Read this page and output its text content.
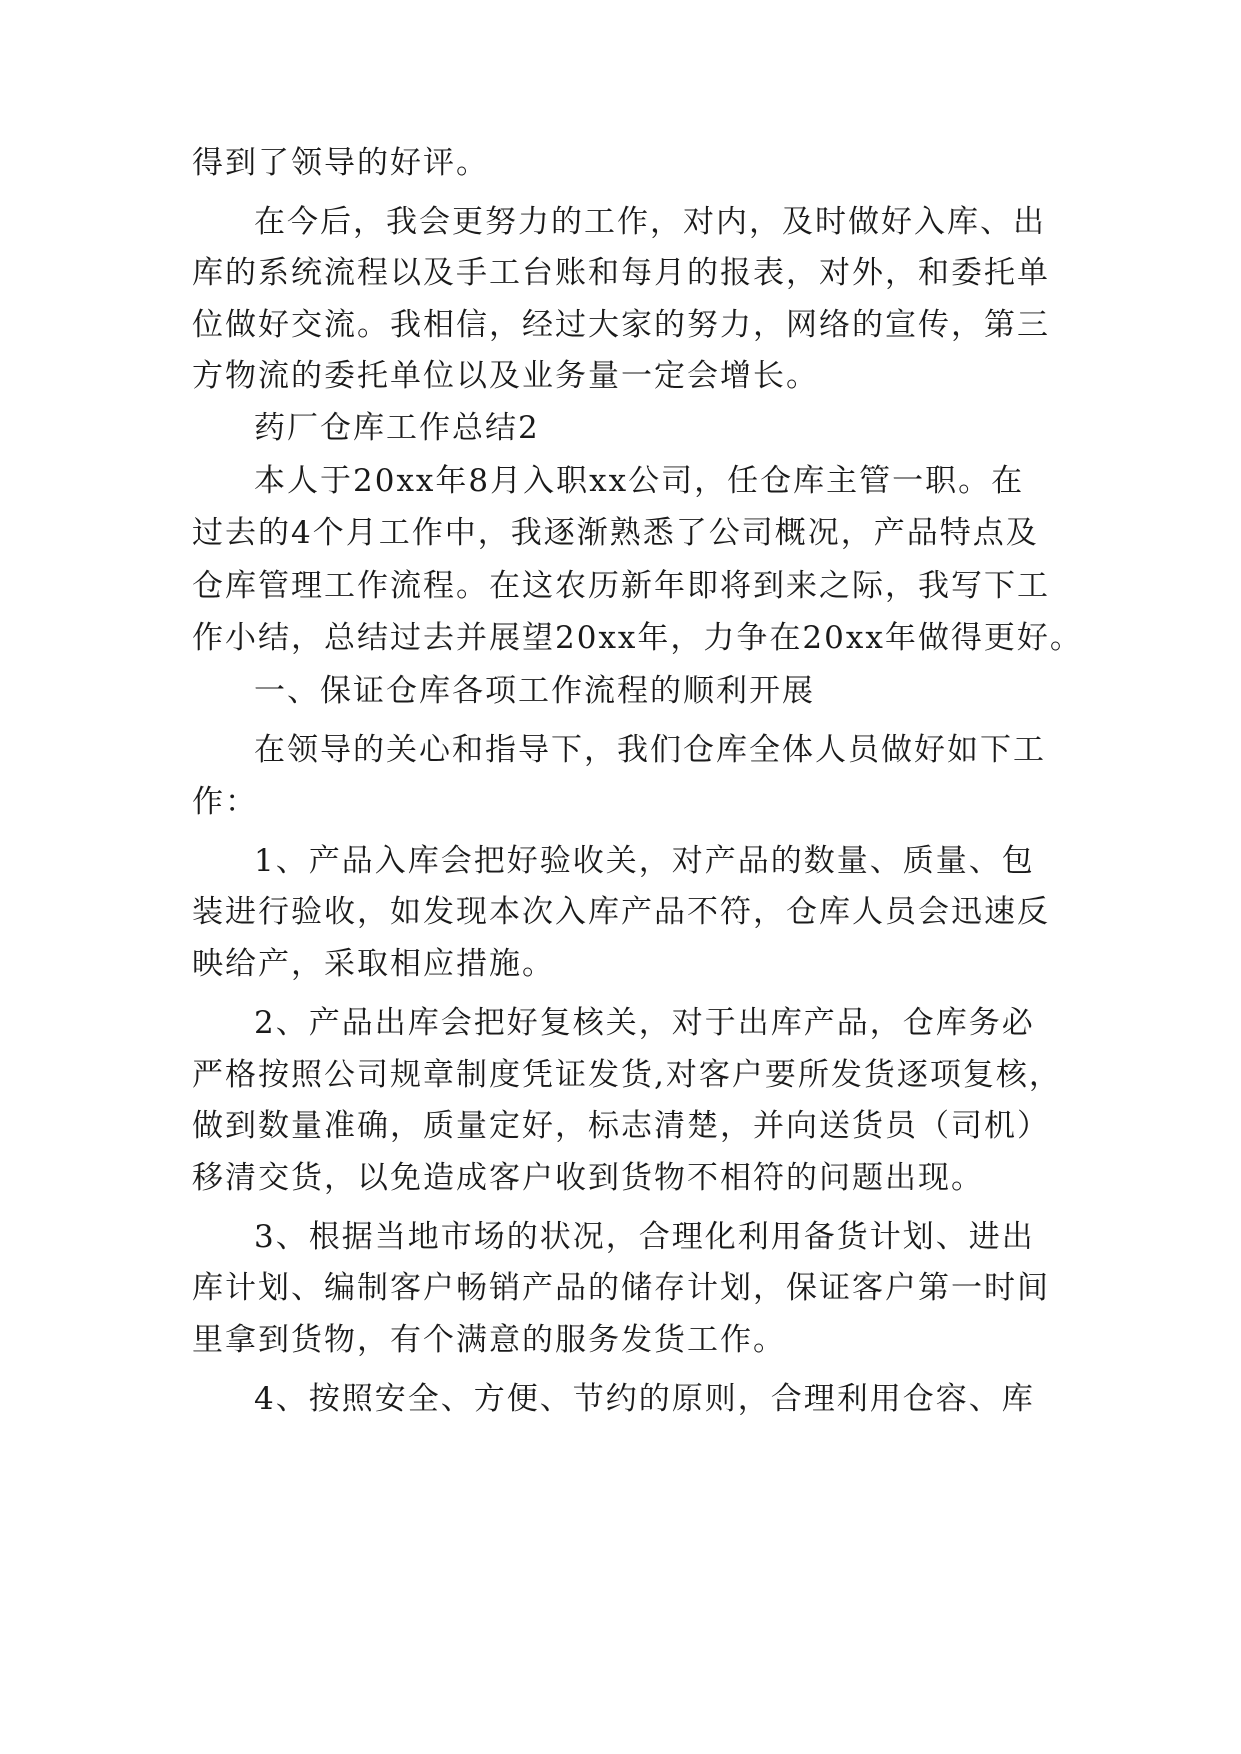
得到了领导的好评。
在今后，我会更努力的工作，对内，及时做好入库、出
库的系统流程以及手工台账和每月的报表，对外，和委托单
位做好交流。我相信，经过大家的努力，网络的宣传，第三
方物流的委托单位以及业务量一定会增长。
药厂仓库工作总结2
本人于20xx年8月入职xx公司，任仓库主管一职。在
过去的4个月工作中，我逐渐熟悉了公司概况，产品特点及
仓库管理工作流程。在这农历新年即将到来之际，我写下工
作小结，总结过去并展望20xx年，力争在20xx年做得更好。
一、保证仓库各项工作流程的顺利开展
在领导的关心和指导下，我们仓库全体人员做好如下工
作：
1、产品入库会把好验收关，对产品的数量、质量、包
装进行验收，如发现本次入库产品不符，仓库人员会迅速反
映给产，采取相应措施。
2、产品出库会把好复核关，对于出库产品，仓库务必
严格按照公司规章制度凭证发货,对客户要所发货逐项复核，
做到数量准确，质量定好，标志清楚，并向送货员（司机）
移清交货，以免造成客户收到货物不相符的问题出现。
3、根据当地市场的状况，合理化利用备货计划、进出
库计划、编制客户畅销产品的储存计划，保证客户第一时间
里拿到货物，有个满意的服务发货工作。
4、按照安全、方便、节约的原则，合理利用仓容、库
